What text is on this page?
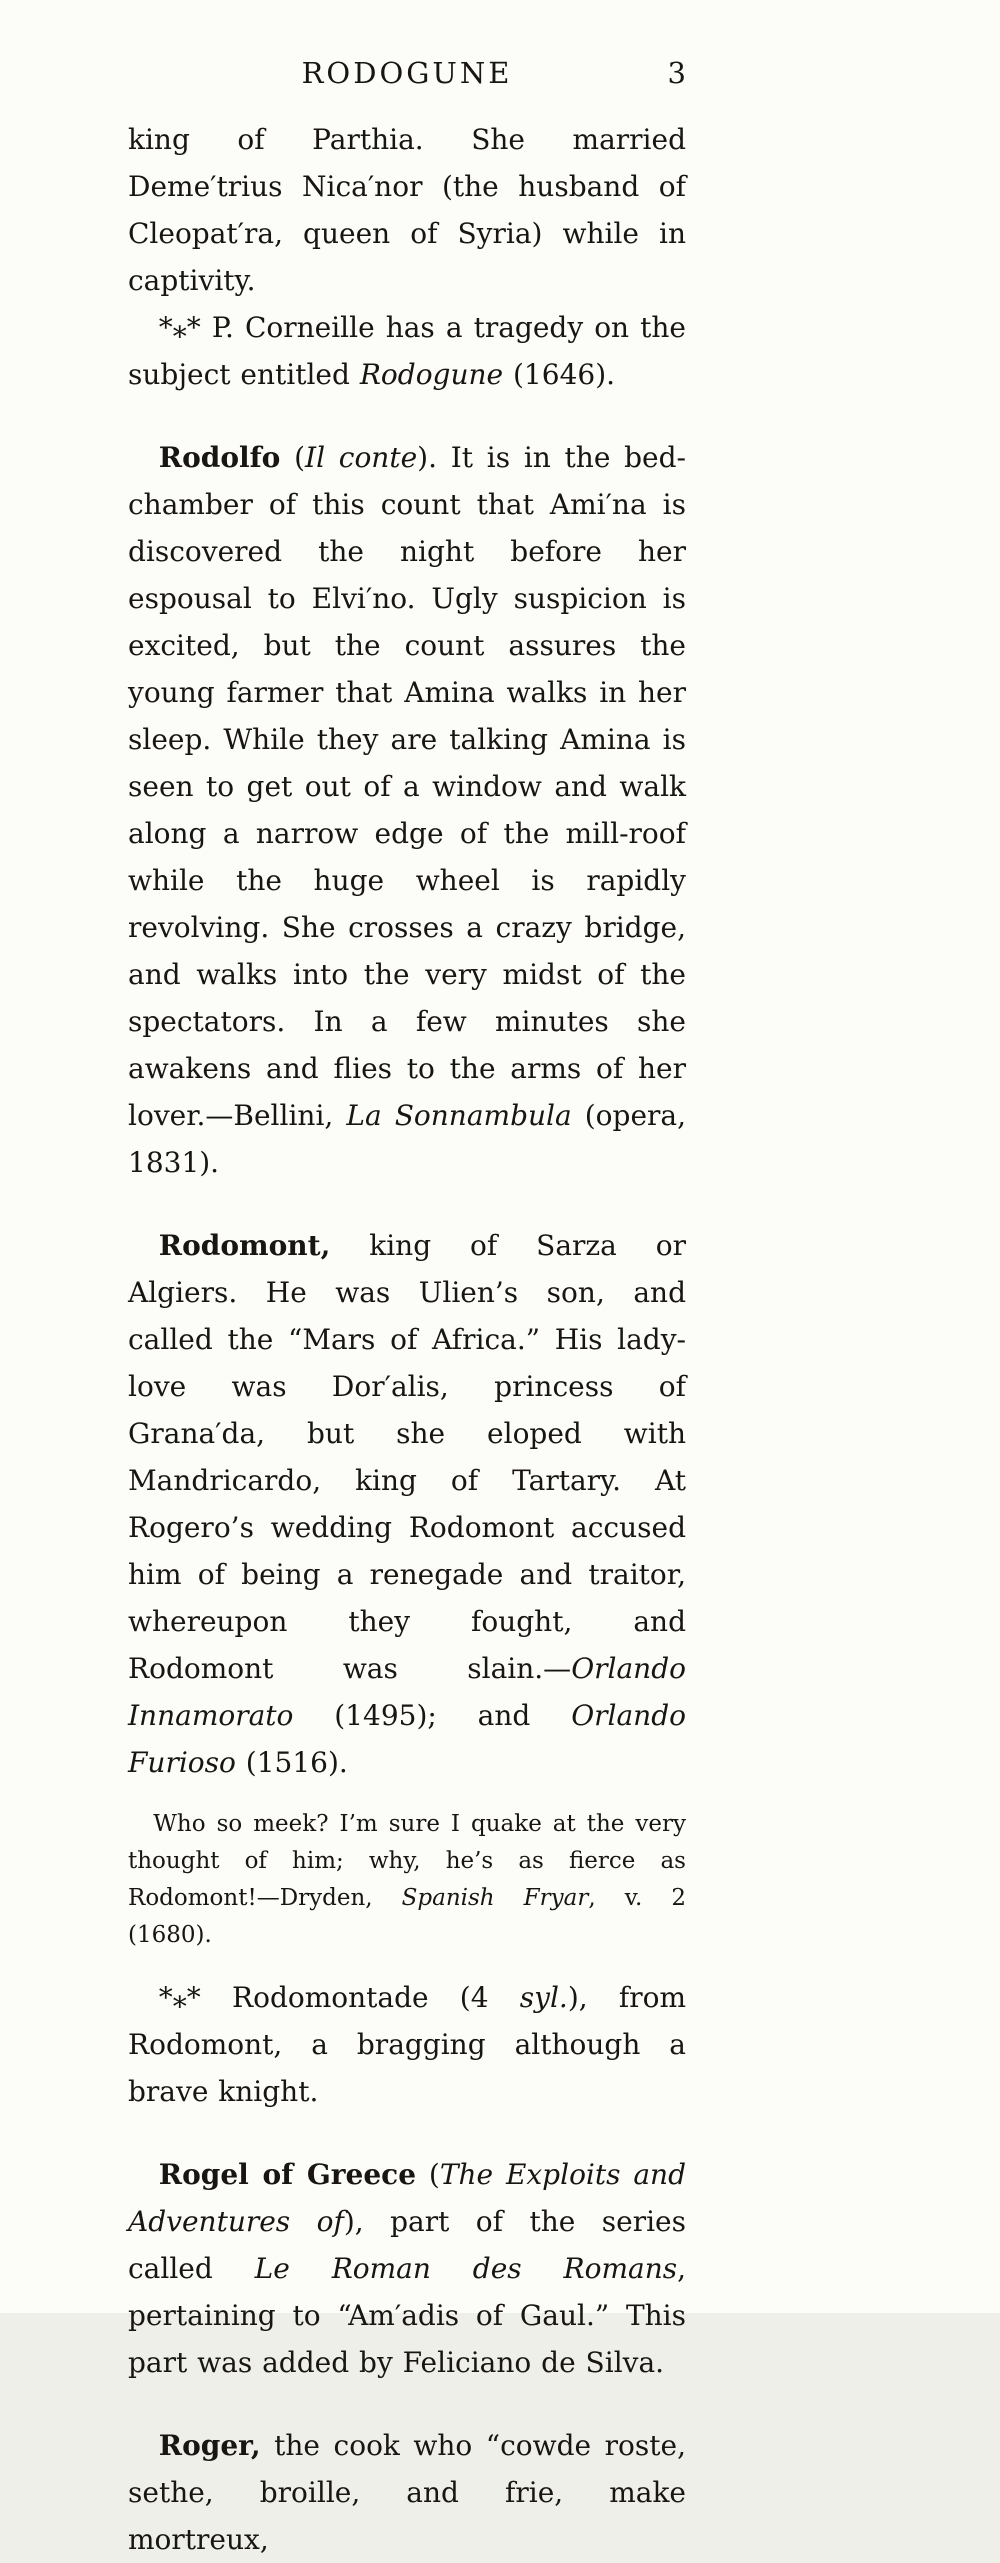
RODOGUNE	3

king of Parthia. She married Deme′trius Nica′nor (the husband of Cleopat′ra, queen of Syria) while in captivity.

*⁎* P. Corneille has a tragedy on the subject entitled Rodogune (1646).

Rodolfo (Il conte). It is in the bed-chamber of this count that Ami′na is discovered the night before her espousal to Elvi′no. Ugly suspicion is excited, but the count assures the young farmer that Amina walks in her sleep. While they are talking Amina is seen to get out of a window and walk along a narrow edge of the mill-roof while the huge wheel is rapidly revolving. She crosses a crazy bridge, and walks into the very midst of the spectators. In a few minutes she awakens and flies to the arms of her lover.—Bellini, La Sonnambula (opera, 1831).

Rodomont, king of Sarza or Algiers. He was Ulien’s son, and called the “Mars of Africa.” His lady-love was Dor′alis, princess of Grana′da, but she eloped with Mandricardo, king of Tartary. At Rogero’s wedding Rodomont accused him of being a renegade and traitor, whereupon they fought, and Rodomont was slain.—Orlando Innamorato (1495); and Orlando Furioso (1516).

Who so meek? I’m sure I quake at the very thought of him; why, he’s as fierce as Rodomont!—Dryden, Spanish Fryar, v. 2 (1680).

*⁎* Rodomontade (4 syl.), from Rodomont, a bragging although a brave knight.

Rogel of Greece (The Exploits and Adventures of), part of the series called Le Roman des Romans, pertaining to “Am′adis of Gaul.” This part was added by Feliciano de Silva.

Roger, the cook who “cowde roste, sethe, broille, and frie, make mortreux,
